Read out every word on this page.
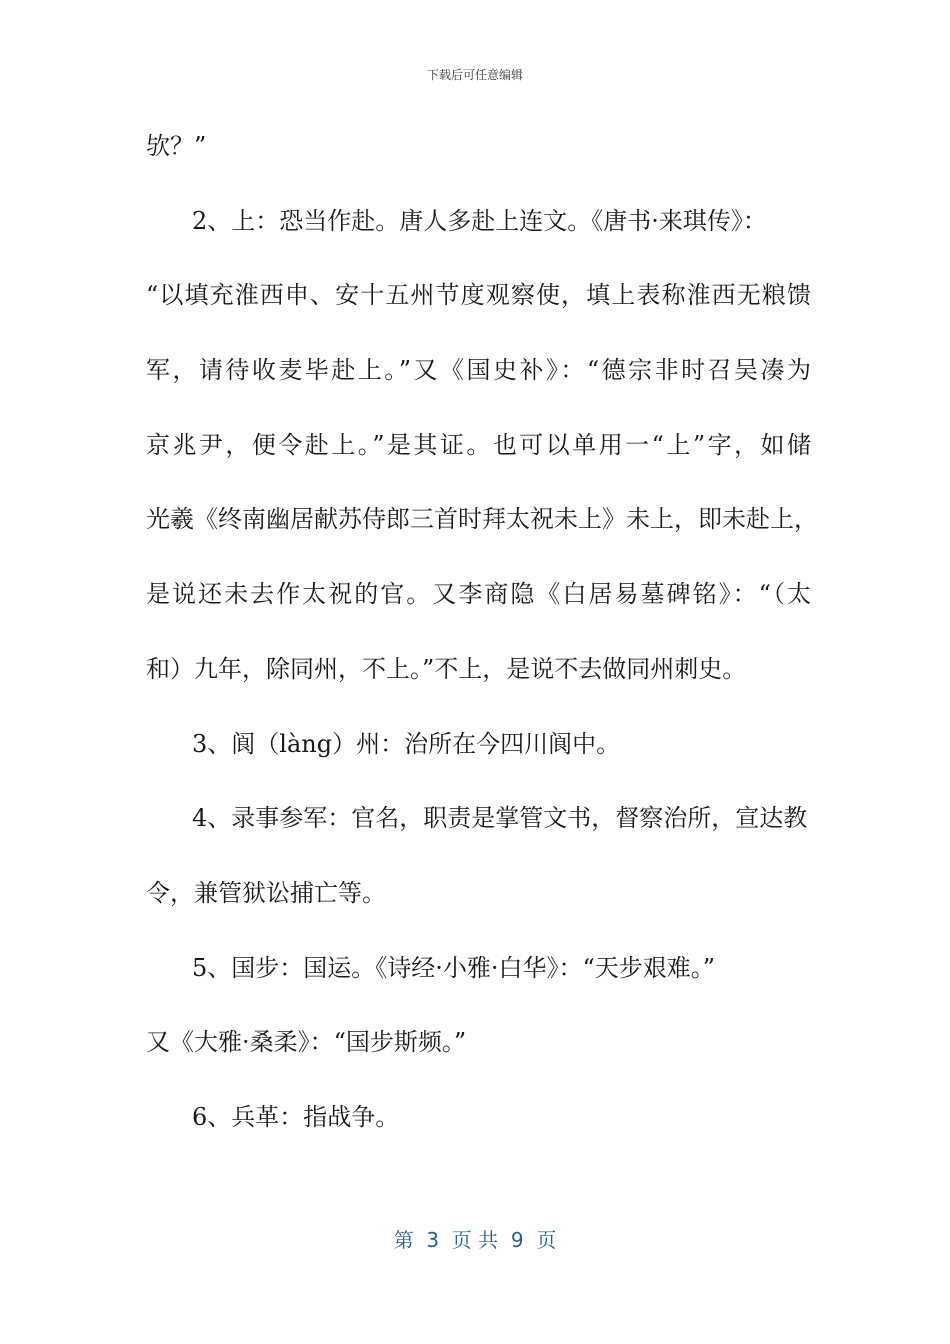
下载后可任意编辑
欤？”
2、上：恐当作赴。唐人多赴上连文。《唐书·来琪传》：
“以填充淮西申、安十五州节度观察使，填上表称淮西无粮馈
军，请待收麦毕赴上。”又《国史补》：“德宗非时召吴凑为
京兆尹，便令赴上。”是其证。也可以单用一“上”字，如储
光羲《终南幽居献苏侍郎三首时拜太祝未上》未上，即未赴上，
是说还未去作太祝的官。又李商隐《白居易墓碑铭》：“（太
和）九年，除同州，不上。”不上，是说不去做同州刺史。
3、阆（làng）州：治所在今四川阆中。
4、录事参军：官名，职责是掌管文书，督察治所，宣达教
令，兼管狱讼捕亡等。
5、国步：国运。《诗经·小雅·白华》：“天步艰难。”
又《大雅·桑柔》：“国步斯频。”
6、兵革：指战争。
第  3  页 共  9  页
